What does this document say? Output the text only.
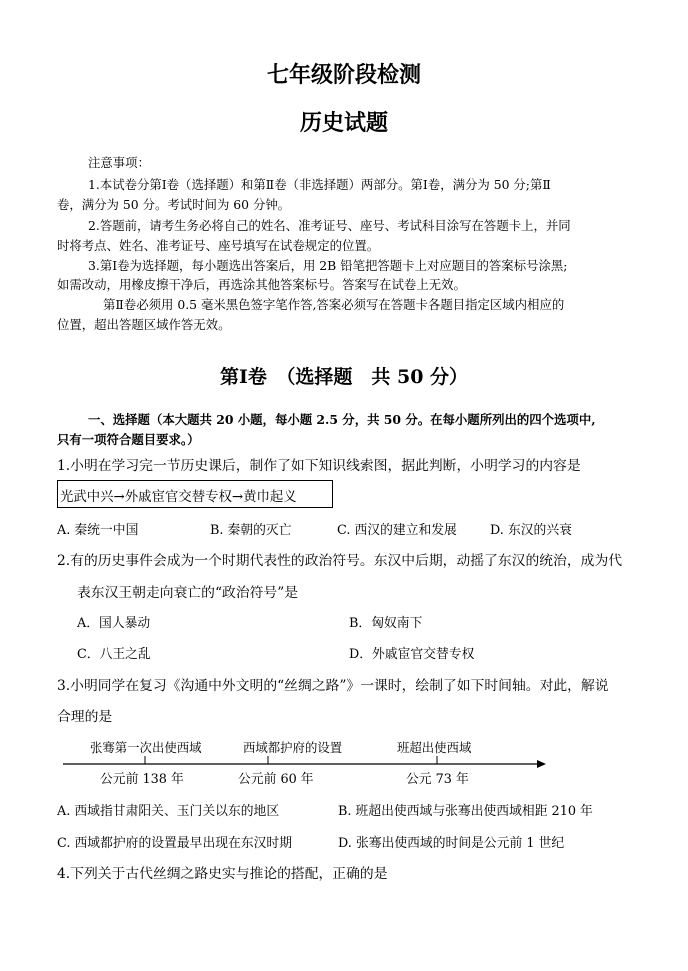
七年级阶段检测
历史试题
注意事项：
1.本试卷分第Ⅰ卷（选择题）和第Ⅱ卷（非选择题）两部分。第Ⅰ卷，满分为 50 分;第Ⅱ
卷，满分为 50 分。考试时间为 60 分钟。
2.答题前，请考生务必将自己的姓名、准考证号、座号、考试科目涂写在答题卡上，并同
时将考点、姓名、准考证号、座号填写在试卷规定的位置。
3.第Ⅰ卷为选择题，每小题选出答案后，用 2B 铅笔把答题卡上对应题目的答案标号涂黑;
如需改动，用橡皮擦干净后，再选涂其他答案标号。答案写在试卷上无效。
第Ⅱ卷必须用 0.5 毫米黑色签字笔作答,答案必须写在答题卡各题目指定区域内相应的
位置，超出答题区域作答无效。
第Ⅰ卷　（选择题　共 50 分）
一、选择题（本大题共 20 小题，每小题 2.5 分，共 50 分。在每小题所列出的四个选项中,
只有一项符合题目要求。）
1.小明在学习完一节历史课后，制作了如下知识线索图，据此判断，小明学习的内容是
光武中兴→外戚宦官交替专权→黄巾起义
A. 秦统一中国	B. 秦朝的灭亡	C. 西汉的建立和发展	D. 东汉的兴衰
2.有的历史事件会成为一个时期代表性的政治符号。东汉中后期，动摇了东汉的统治，成为代
表东汉王朝走向衰亡的“政治符号”是
A．国人暴动	B．匈奴南下
C．八王之乱	D．外戚宦官交替专权
3.小明同学在复习《沟通中外文明的“丝绸之路”》一课时，绘制了如下时间轴。对此，解说
合理的是
张骞第一次出使西域	西域都护府的设置	班超出使西域
公元前 138 年	公元前 60 年	公元 73 年
A. 西域指甘肃阳关、玉门关以东的地区	B. 班超出使西域与张骞出使西域相距 210 年
C. 西域都护府的设置最早出现在东汉时期	D. 张骞出使西域的时间是公元前 1 世纪
4.下列关于古代丝绸之路史实与推论的搭配，正确的是
